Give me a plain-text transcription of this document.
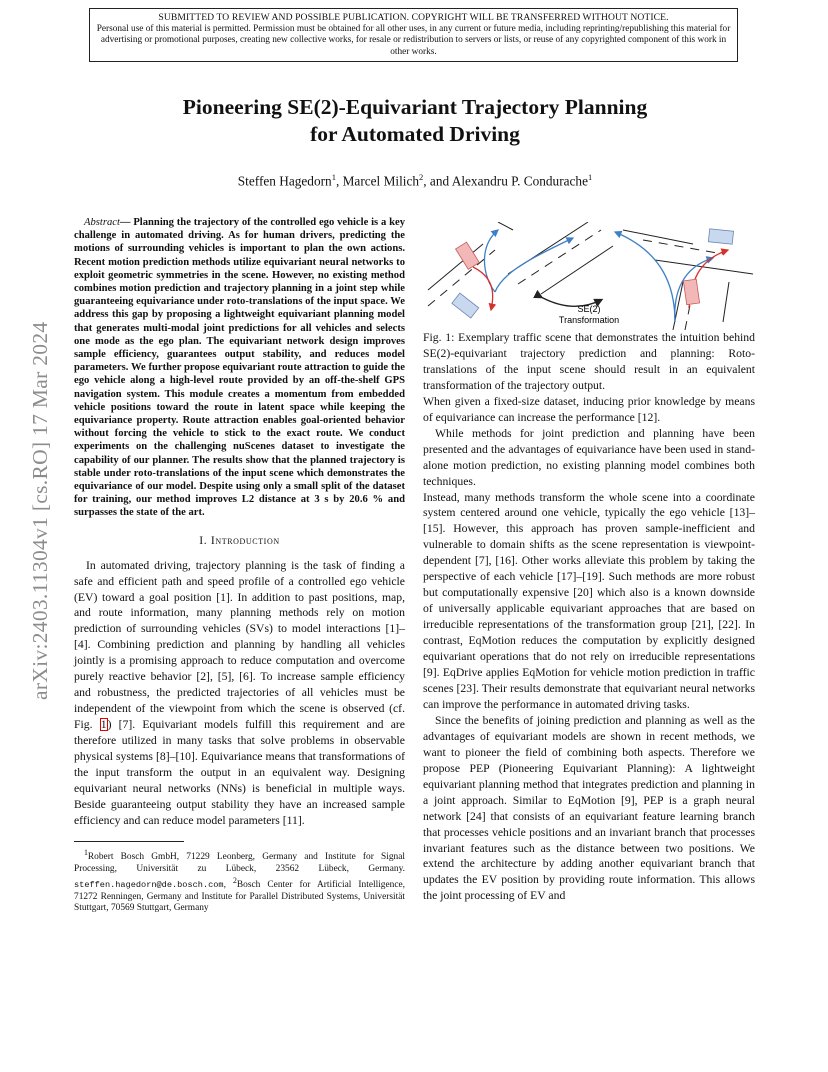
SUBMITTED TO REVIEW AND POSSIBLE PUBLICATION. COPYRIGHT WILL BE TRANSFERRED WITHOUT NOTICE.
Personal use of this material is permitted. Permission must be obtained for all other uses, in any current or future media, including reprinting/republishing this material for advertising or promotional purposes, creating new collective works, for resale or redistribution to servers or lists, or reuse of any copyrighted component of this work in other works.
arXiv:2403.11304v1 [cs.RO] 17 Mar 2024
Pioneering SE(2)-Equivariant Trajectory Planning
for Automated Driving
Steffen Hagedorn$^1$, Marcel Milich$^2$, and Alexandru P. Condurache$^1$

Abstract— Planning the trajectory of the controlled ego vehicle is a key challenge in automated driving. As for human drivers, predicting the motions of surrounding vehicles is important to plan the own actions. Recent motion prediction methods utilize equivariant neural networks to exploit geometric symmetries in the scene. However, no existing method combines motion prediction and trajectory planning in a joint step while guaranteeing equivariance under roto-translations of the input space. We address this gap by proposing a lightweight equivariant planning model that generates multi-modal joint predictions for all vehicles and selects one mode as the ego plan. The equivariant network design improves sample efficiency, guarantees output stability, and reduces model parameters. We further propose equivariant route attraction to guide the ego vehicle along a high-level route provided by an off-the-shelf GPS navigation system. This module creates a momentum from embedded vehicle positions toward the route in latent space while keeping the equivariance property. Route attraction enables goal-oriented behavior without forcing the vehicle to stick to the exact route. We conduct experiments on the challenging nuScenes dataset to investigate the capability of our planner. The results show that the planned trajectory is stable under roto-translations of the input scene which demonstrates the equivariance of our model. Despite using only a small split of the dataset for training, our method improves L2 distance at 3 s by 20.6 % and surpasses the state of the art.

I. Introduction

In automated driving, trajectory planning is the task of finding a safe and efficient path and speed profile of a controlled ego vehicle (EV) toward a goal position [1]. In addition to past positions, map, and route information, many planning methods rely on motion prediction of surrounding vehicles (SVs) to model interactions [1]–[4]. Combining prediction and planning by handling all vehicles jointly is a promising approach to reduce computation and overcome purely reactive behavior [2], [5], [6]. To increase sample efficiency and robustness, the predicted trajectories of all vehicles must be independent of the viewpoint from which the scene is observed (cf. Fig. 1) [7]. Equivariant models fulfill this requirement and are therefore utilized in many tasks that solve problems in observable physical systems [8]–[10]. Equivariance means that transformations of the input transform the output in an equivalent way. Designing equivariant neural networks (NNs) is beneficial in multiple ways. Beside guaranteeing output stability they have an increased sample efficiency and can reduce model parameters [11].

$^1$Robert Bosch GmbH, 71229 Leonberg, Germany and Institute for Signal Processing, Universität zu Lübeck, 23562 Lübeck, Germany. steffen.hagedorn@de.bosch.com, $^2$Bosch Center for Artificial Intelligence, 71272 Renningen, Germany and Institute for Parallel Distributed Systems, Universität Stuttgart, 70569 Stuttgart, Germany

SE(2)
Transformation

Fig. 1: Exemplary traffic scene that demonstrates the intuition behind SE(2)-equivariant trajectory prediction and planning: Roto-translations of the input scene should result in an equivalent transformation of the trajectory output.

When given a fixed-size dataset, inducing prior knowledge by means of equivariance can increase the performance [12].

While methods for joint prediction and planning have been presented and the advantages of equivariance have been used in stand-alone motion prediction, no existing planning model combines both techniques.

Instead, many methods transform the whole scene into a coordinate system centered around one vehicle, typically the ego vehicle [13]–[15]. However, this approach has proven sample-inefficient and vulnerable to domain shifts as the scene representation is viewpoint-dependent [7], [16]. Other works alleviate this problem by taking the perspective of each vehicle [17]–[19]. Such methods are more robust but computationally expensive [20] which also is a known downside of universally applicable equivariant approaches that are based on irreducible representations of the transformation group [21], [22]. In contrast, EqMotion reduces the computation by explicitly designed equivariant operations that do not rely on irreducible representations [9]. EqDrive applies EqMotion for vehicle motion prediction in traffic scenes [23]. Their results demonstrate that equivariant neural networks can improve the performance in automated driving tasks.

Since the benefits of joining prediction and planning as well as the advantages of equivariant models are shown in recent methods, we want to pioneer the field of combining both aspects. Therefore we propose PEP (Pioneering Equivariant Planning): A lightweight equivariant planning method that integrates prediction and planning in a joint approach. Similar to EqMotion [9], PEP is a graph neural network [24] that consists of an equivariant feature learning branch that processes vehicle positions and an invariant branch that processes invariant features such as the distance between two positions. We extend the architecture by adding another equivariant branch that updates the EV position by providing route information. This allows the joint processing of EV and
